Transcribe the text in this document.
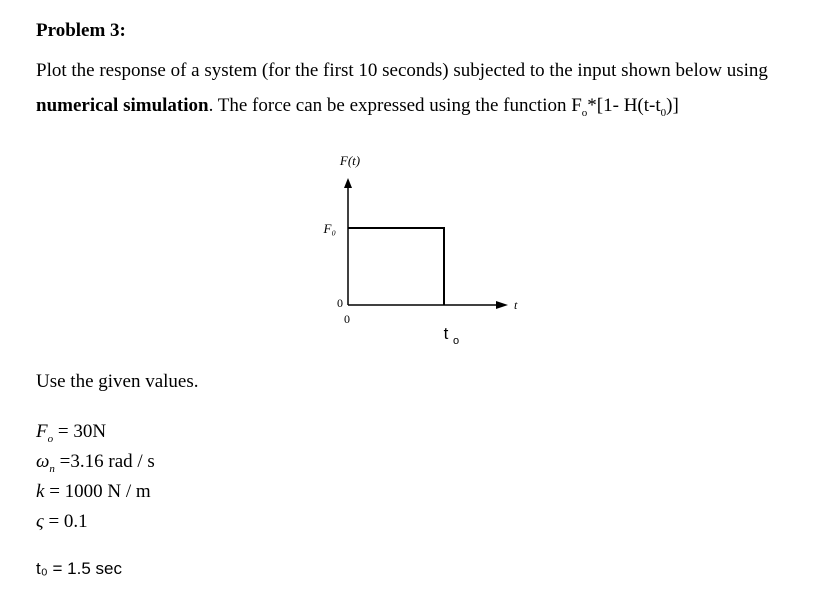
Problem 3:
Plot the response of a system (for the first 10 seconds) subjected to the input shown below using
numerical simulation. The force can be expressed using the function $F_o*[1-$ $H(t-t_0)$]
F(t)
F₀
0
0
t
t o
Use the given values.
$F_o = 30N$
$\omega_n =3.16$ rad / s
k = 1000 N / m
ς = 0.1
t₀ = 1.5 sec
